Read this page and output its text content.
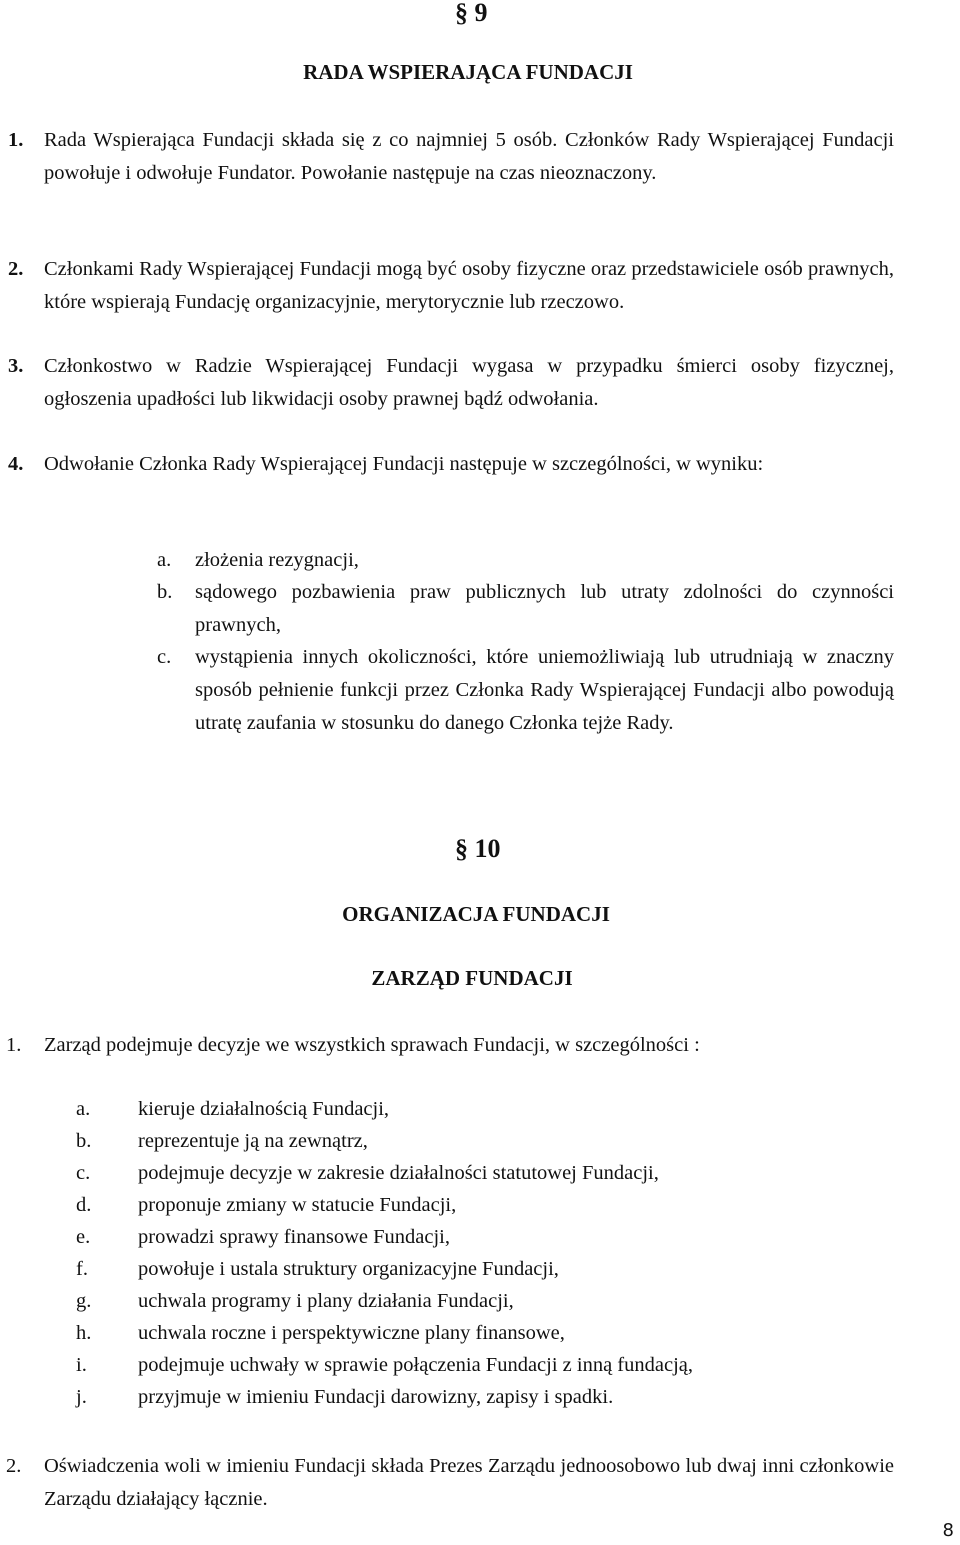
§ 9
RADA WSPIERAJĄCA FUNDACJI
1. Rada Wspierająca Fundacji składa się z co najmniej 5 osób. Członków Rady Wspierającej Fundacji powołuje i odwołuje Fundator. Powołanie następuje na czas nieoznaczony.
2. Członkami Rady Wspierającej Fundacji mogą być osoby fizyczne oraz przedstawiciele osób prawnych, które wspierają Fundację organizacyjnie, merytorycznie lub rzeczowo.
3. Członkostwo w Radzie Wspierającej Fundacji wygasa w przypadku śmierci osoby fizycznej, ogłoszenia upadłości lub likwidacji osoby prawnej bądź odwołania.
4. Odwołanie Członka Rady Wspierającej Fundacji następuje w szczególności, w wyniku:
a. złożenia rezygnacji,
b. sądowego pozbawienia praw publicznych lub utraty zdolności do czynności prawnych,
c. wystąpienia innych okoliczności, które uniemożliwiają lub utrudniają w znaczny sposób pełnienie funkcji przez Członka Rady Wspierającej Fundacji albo powodują utratę zaufania w stosunku do danego Członka tejże Rady.
§ 10
ORGANIZACJA FUNDACJI
ZARZĄD FUNDACJI
1. Zarząd podejmuje decyzje we wszystkich sprawach Fundacji, w szczególności :
a. kieruje działalnością Fundacji,
b. reprezentuje ją na zewnątrz,
c. podejmuje decyzje w zakresie działalności statutowej Fundacji,
d. proponuje zmiany w statucie Fundacji,
e. prowadzi sprawy finansowe Fundacji,
f. powołuje i ustala struktury organizacyjne Fundacji,
g. uchwala programy i plany działania Fundacji,
h. uchwala roczne i perspektywiczne plany finansowe,
i. podejmuje uchwały w sprawie połączenia Fundacji z inną fundacją,
j. przyjmuje w imieniu Fundacji darowizny, zapisy i spadki.
2. Oświadczenia woli w imieniu Fundacji składa Prezes Zarządu jednoosobowo lub dwaj inni członkowie Zarządu działający łącznie.
8
